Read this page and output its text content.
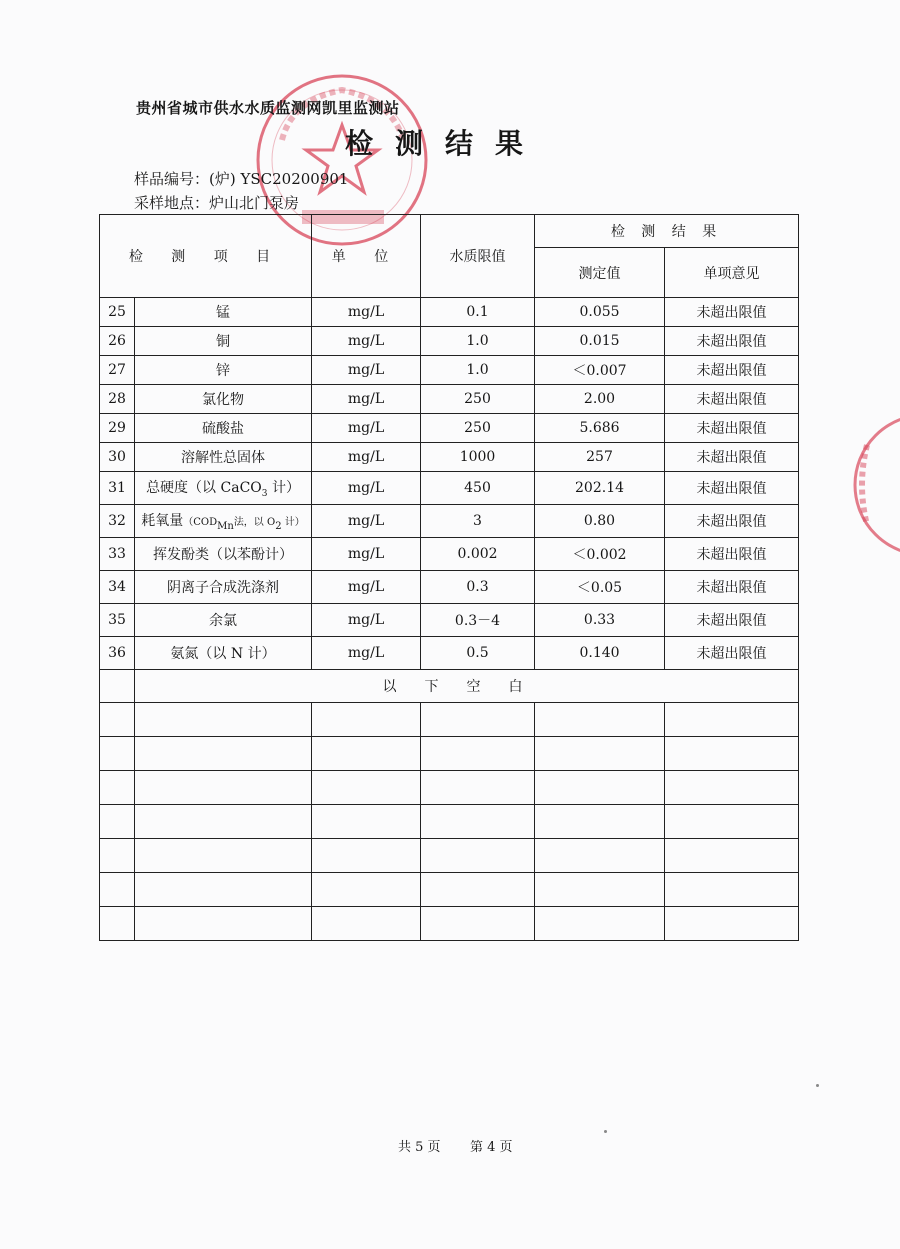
贵州省城市供水水质监测网凯里监测站
检测结果
样品编号：(炉) YSC20200901
采样地点：炉山北门泵房
检 测 项 目		单 位	水质限值	检 测 结 果	
				测定值	单项意见
25	锰	mg/L	0.1	0.055	未超出限值
26	铜	mg/L	1.0	0.015	未超出限值
27	锌	mg/L	1.0	＜0.007	未超出限值
28	氯化物	mg/L	250	2.00	未超出限值
29	硫酸盐	mg/L	250	5.686	未超出限值
30	溶解性总固体	mg/L	1000	257	未超出限值
31	总硬度（以 CaCO$_3$ 计）	mg/L	450	202.14	未超出限值
32	耗氧量（$COD_{Mn}$法，以 $O_2$ 计）	mg/L	3	0.80	未超出限值
33	挥发酚类（以苯酚计）	mg/L	0.002	＜0.002	未超出限值
34	阴离子合成洗涤剂	mg/L	0.3	＜0.05	未超出限值
35	余氯	mg/L	0.3－4	0.33	未超出限值
36	氨氮（以 N 计）	mg/L	0.5	0.140	未超出限值
	以下空白				

共 5 页 第 4 页
